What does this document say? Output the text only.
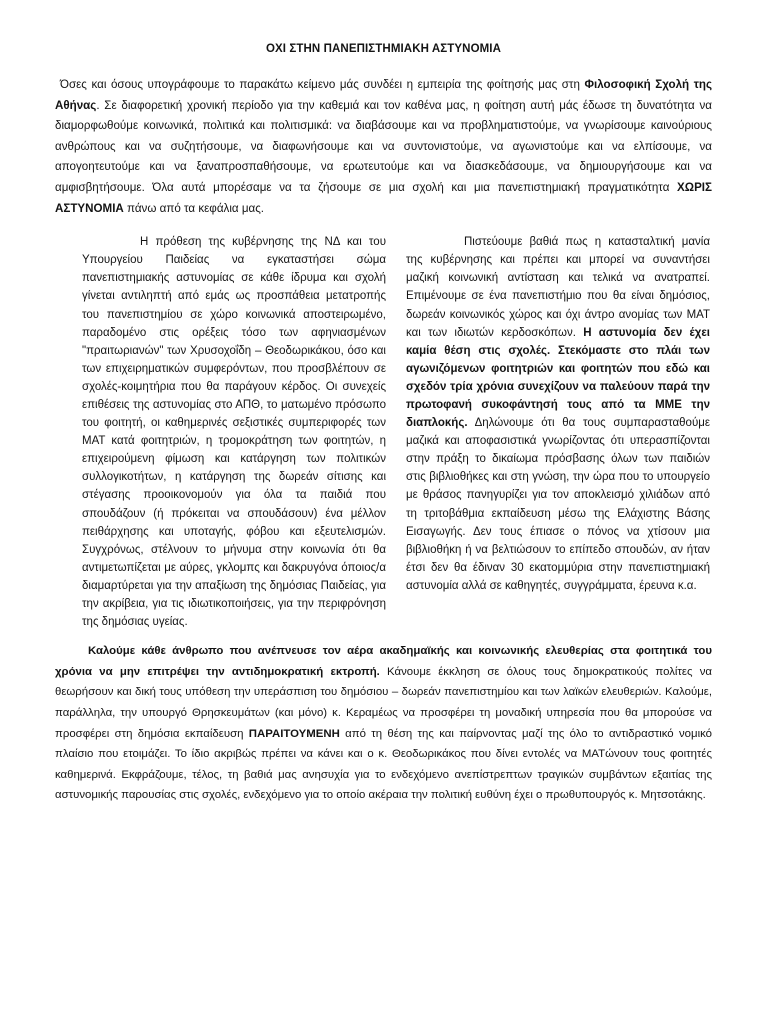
ΟΧΙ ΣΤΗΝ ΠΑΝΕΠΙΣΤΗΜΙΑΚΗ ΑΣΤΥΝΟΜΙΑ

Όσες και όσους υπογράφουμε το παρακάτω κείμενο μάς συνδέει η εμπειρία της φοίτησής μας στη Φιλοσοφική Σχολή της Αθήνας. Σε διαφορετική χρονική περίοδο για την καθεμιά και τον καθένα μας, η φοίτηση αυτή μάς έδωσε τη δυνατότητα να διαμορφωθούμε κοινωνικά, πολιτικά και πολιτισμικά: να διαβάσουμε και να προβληματιστούμε, να γνωρίσουμε καινούριους ανθρώπους και να συζητήσουμε, να διαφωνήσουμε και να συντονιστούμε, να αγωνιστούμε και να ελπίσουμε, να απογοητευτούμε και να ξαναπροσπαθήσουμε, να ερωτευτούμε και να διασκεδάσουμε, να δημιουργήσουμε και να αμφισβητήσουμε. Όλα αυτά μπορέσαμε να τα ζήσουμε σε μια σχολή και μια πανεπιστημιακή πραγματικότητα ΧΩΡΙΣ ΑΣΤΥΝΟΜΙΑ πάνω από τα κεφάλια μας.

Η πρόθεση της κυβέρνησης της ΝΔ και του Υπουργείου Παιδείας να εγκαταστήσει σώμα πανεπιστημιακής αστυνομίας σε κάθε ίδρυμα και σχολή γίνεται αντιληπτή από εμάς ως προσπάθεια μετατροπής του πανεπιστημίου σε χώρο κοινωνικά αποστειρωμένο, παραδομένο στις ορέξεις τόσο των αφηνιασμένων "πραιτωριανών" των Χρυσοχοΐδη – Θεοδωρικάκου, όσο και των επιχειρηματικών συμφερόντων, που προσβλέπουν σε σχολές-κοιμητήρια που θα παράγουν κέρδος. Οι συνεχείς επιθέσεις της αστυνομίας στο ΑΠΘ, το ματωμένο πρόσωπο του φοιτητή, οι καθημερινές σεξιστικές συμπεριφορές των ΜΑΤ κατά φοιτητριών, η τρομοκράτηση των φοιτητών, η επιχειρούμενη φίμωση και κατάργηση των πολιτικών συλλογικοτήτων, η κατάργηση της δωρεάν σίτισης και στέγασης προοικονομούν για όλα τα παιδιά που σπουδάζουν (ή πρόκειται να σπουδάσουν) ένα μέλλον πειθάρχησης και υποταγής, φόβου και εξευτελισμών. Συγχρόνως, στέλνουν το μήνυμα στην κοινωνία ότι θα αντιμετωπίζεται με αύρες, γκλομπς και δακρυγόνα όποιος/α διαμαρτύρεται για την απαξίωση της δημόσιας Παιδείας, για την ακρίβεια, για τις ιδιωτικοποιήσεις, για την περιφρόνηση της δημόσιας υγείας.

Πιστεύουμε βαθιά πως η κατασταλτική μανία της κυβέρνησης και πρέπει και μπορεί να συναντήσει μαζική κοινωνική αντίσταση και τελικά να ανατραπεί. Επιμένουμε σε ένα πανεπιστήμιο που θα είναι δημόσιος, δωρεάν κοινωνικός χώρος και όχι άντρο ανομίας των ΜΑΤ και των ιδιωτών κερδοσκόπων. Η αστυνομία δεν έχει καμία θέση στις σχολές. Στεκόμαστε στο πλάι των αγωνιζόμενων φοιτητριών και φοιτητών που εδώ και σχεδόν τρία χρόνια συνεχίζουν να παλεύουν παρά την πρωτοφανή συκοφάντησή τους από τα ΜΜΕ την διαπλοκής. Δηλώνουμε ότι θα τους συμπαρασταθούμε μαζικά και αποφασιστικά γνωρίζοντας ότι υπερασπίζονται στην πράξη το δικαίωμα πρόσβασης όλων των παιδιών στις βιβλιοθήκες και στη γνώση, την ώρα που το υπουργείο με θράσος πανηγυρίζει για τον αποκλεισμό χιλιάδων από τη τριτοβάθμια εκπαίδευση μέσω της Ελάχιστης Βάσης Εισαγωγής. Δεν τους έπιασε ο πόνος να χτίσουν μια βιβλιοθήκη ή να βελτιώσουν το επίπεδο σπουδών, αν ήταν έτσι δεν θα έδιναν 30 εκατομμύρια στην πανεπιστημιακή αστυνομία αλλά σε καθηγητές, συγγράμματα, έρευνα κ.α.

Καλούμε κάθε άνθρωπο που ανέπνευσε τον αέρα ακαδημαϊκής και κοινωνικής ελευθερίας στα φοιτητικά του χρόνια να μην επιτρέψει την αντιδημοκρατική εκτροπή. Κάνουμε έκκληση σε όλους τους δημοκρατικούς πολίτες να θεωρήσουν και δική τους υπόθεση την υπεράσπιση του δημόσιου – δωρεάν πανεπιστημίου και των λαϊκών ελευθεριών. Καλούμε, παράλληλα, την υπουργό Θρησκευμάτων (και μόνο) κ. Κεραμέως να προσφέρει τη μοναδική υπηρεσία που θα μπορούσε να προσφέρει στη δημόσια εκπαίδευση ΠΑΡΑΙΤΟΥΜΕΝΗ από τη θέση της και παίρνοντας μαζί της όλο το αντιδραστικό νομικό πλαίσιο που ετοιμάζει. Το ίδιο ακριβώς πρέπει να κάνει και ο κ. Θεοδωρικάκος που δίνει εντολές να ΜΑΤώνουν τους φοιτητές καθημερινά. Εκφράζουμε, τέλος, τη βαθιά μας ανησυχία για το ενδεχόμενο ανεπίστρεπτων τραγικών συμβάντων εξαιτίας της αστυνομικής παρουσίας στις σχολές, ενδεχόμενο για το οποίο ακέραια την πολιτική ευθύνη έχει ο πρωθυπουργός κ. Μητσοτάκης.
